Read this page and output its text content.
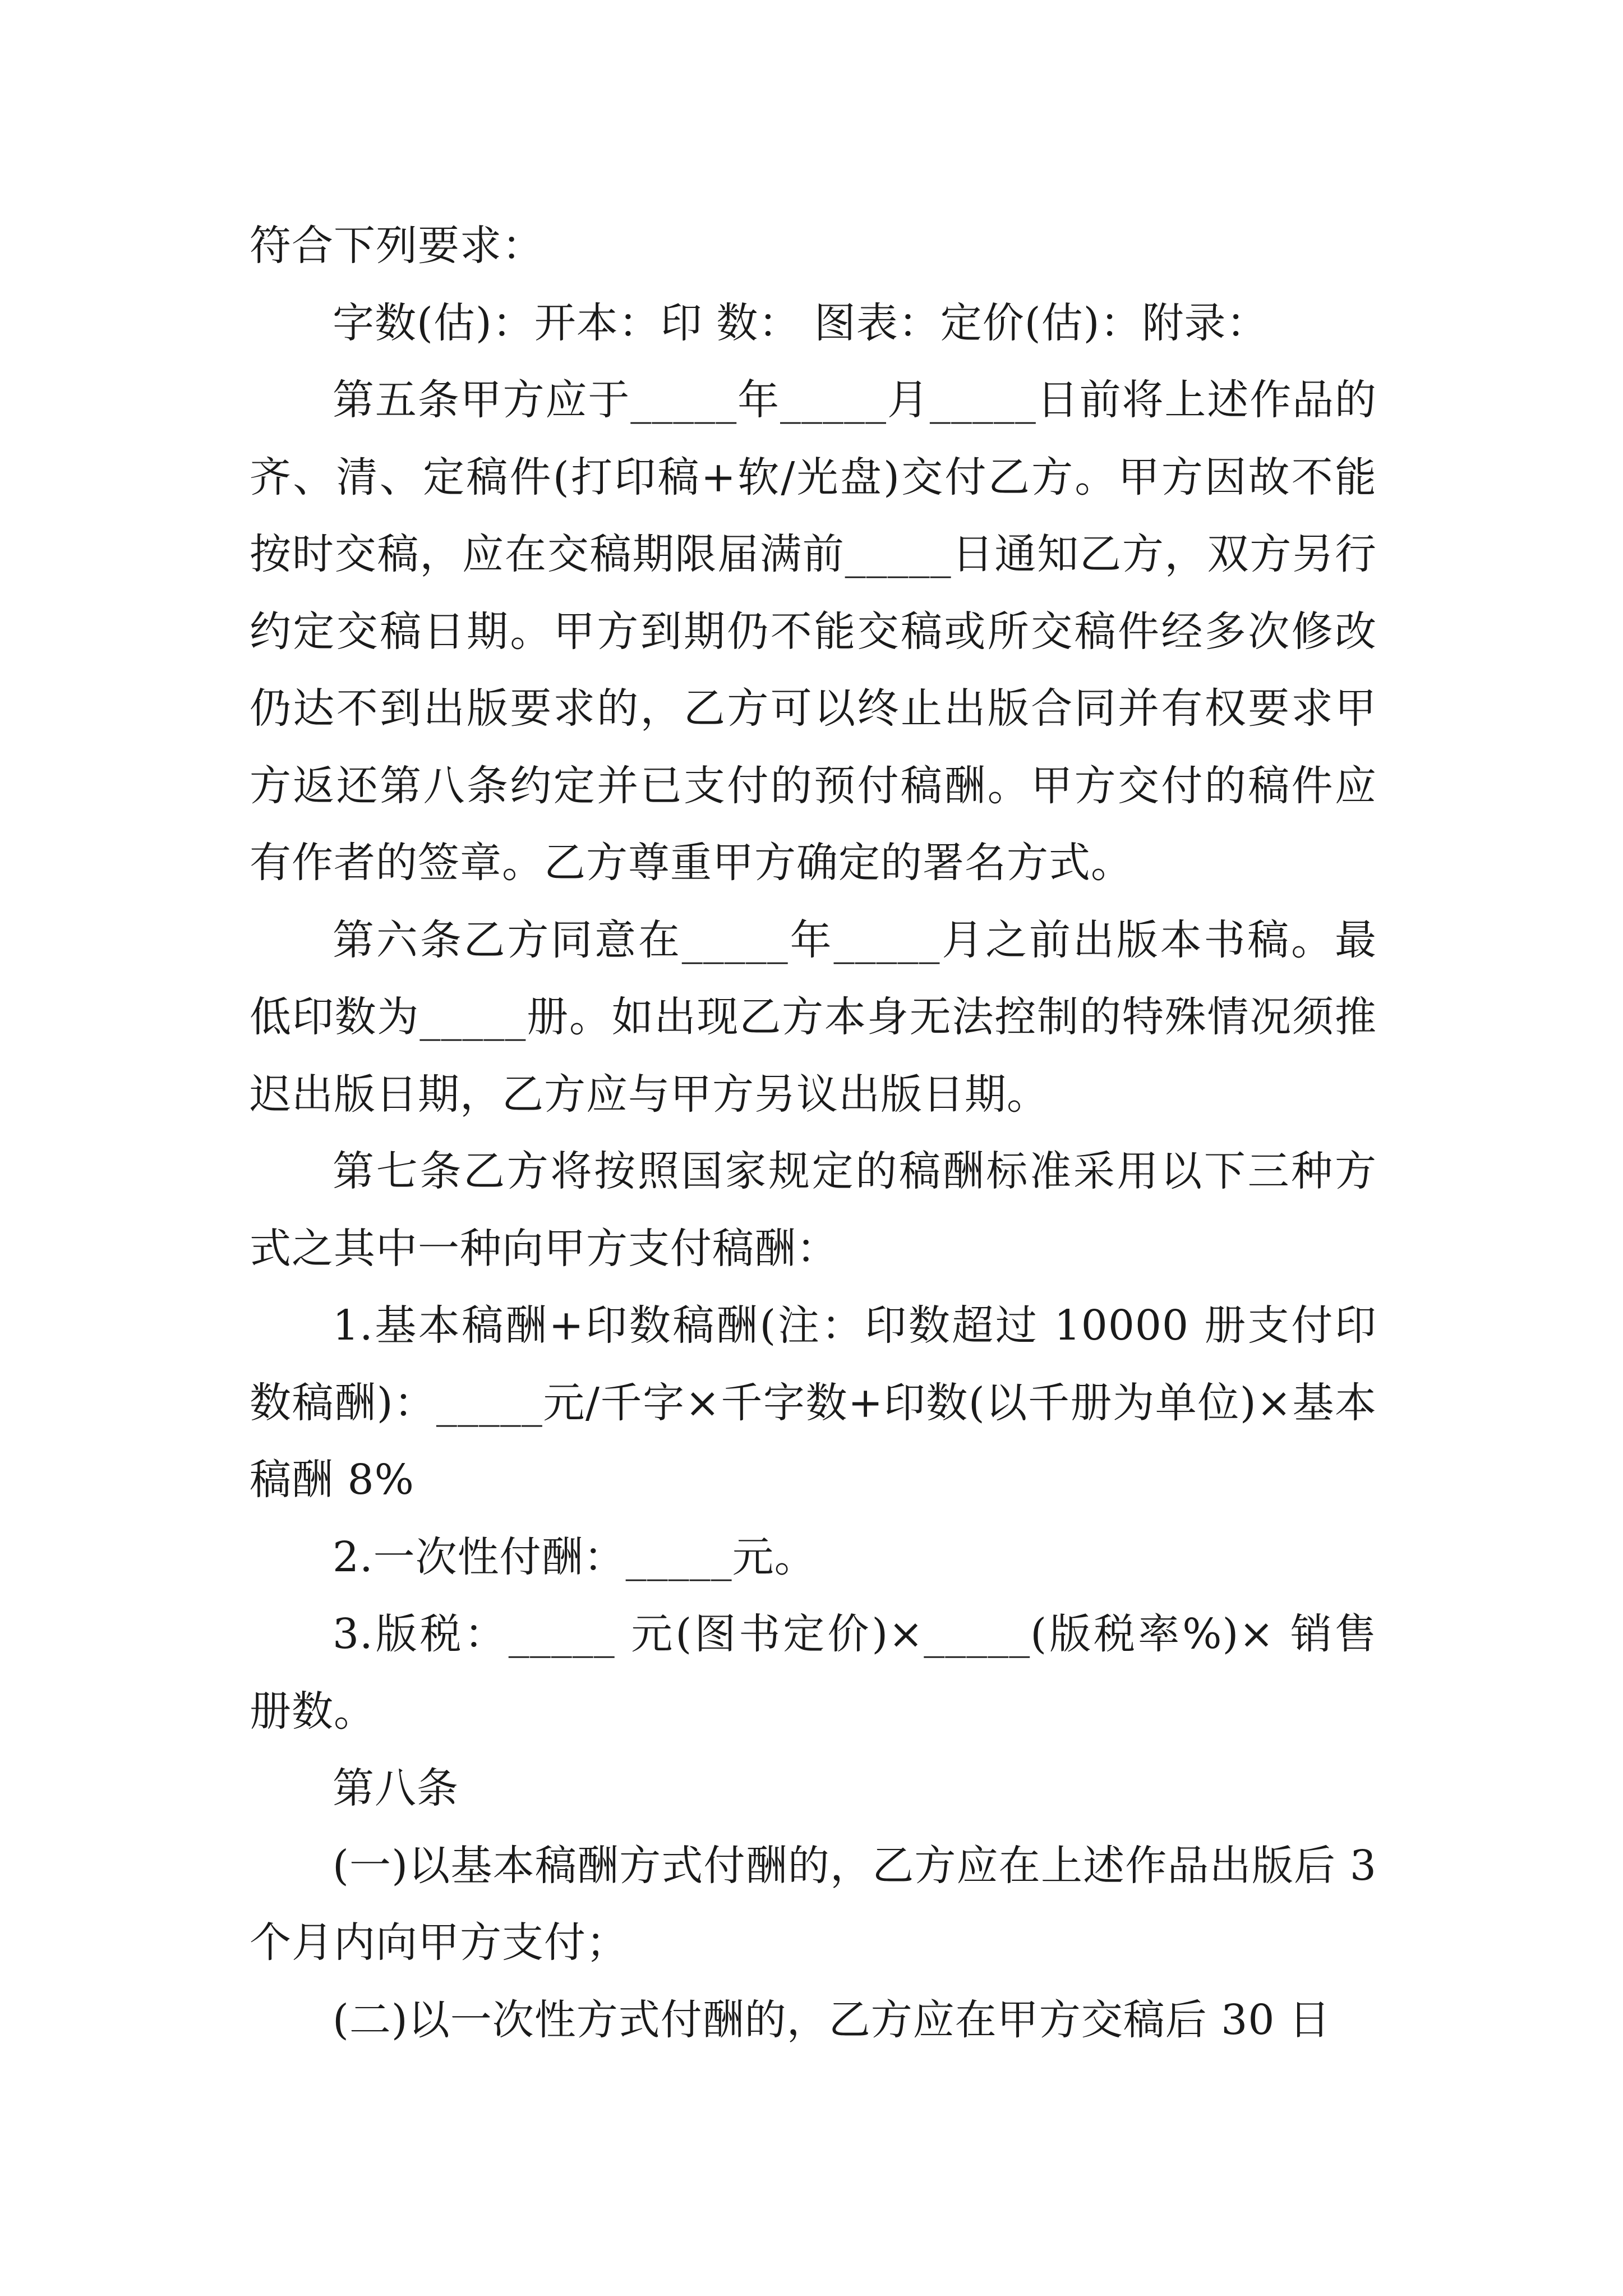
符合下列要求：

字数(估)：开本：印 数： 图表：定价(估)：附录：

第五条甲方应于_____年_____月_____日前将上述作品的齐、清、定稿件(打印稿+软/光盘)交付乙方。甲方因故不能按时交稿，应在交稿期限届满前_____日通知乙方，双方另行约定交稿日期。甲方到期仍不能交稿或所交稿件经多次修改仍达不到出版要求的，乙方可以终止出版合同并有权要求甲方返还第八条约定并已支付的预付稿酬。甲方交付的稿件应有作者的签章。乙方尊重甲方确定的署名方式。

第六条乙方同意在_____年_____月之前出版本书稿。最低印数为_____册。如出现乙方本身无法控制的特殊情况须推迟出版日期，乙方应与甲方另议出版日期。

第七条乙方将按照国家规定的稿酬标准采用以下三种方式之其中一种向甲方支付稿酬：

1.基本稿酬+印数稿酬(注：印数超过 10000 册支付印数稿酬)：_____元/千字×千字数+印数(以千册为单位)×基本稿酬 8%

2.一次性付酬：_____元。

3.版税：_____ 元(图书定价)×_____(版税率%)× 销售册数。

第八条

(一)以基本稿酬方式付酬的，乙方应在上述作品出版后 3 个月内向甲方支付；

(二)以一次性方式付酬的，乙方应在甲方交稿后 30 日
